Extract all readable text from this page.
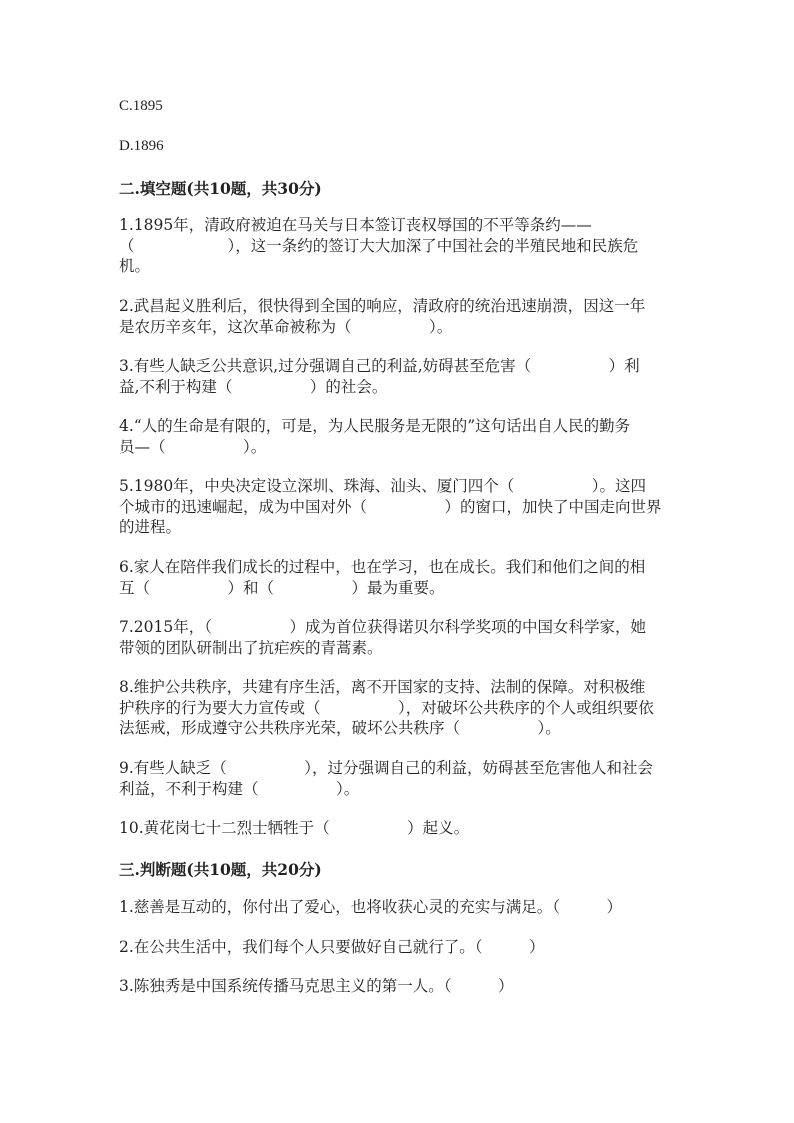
C.1895
D.1896
二.填空题(共10题，共30分)
1.1895年，清政府被迫在马关与日本签订丧权辱国的不平等条约——
（　　　　　　），这一条约的签订大大加深了中国社会的半殖民地和民族危
机。
2.武昌起义胜利后，很快得到全国的响应，清政府的统治迅速崩溃，因这一年
是农历辛亥年，这次革命被称为（　　　　　）。
3.有些人缺乏公共意识,过分强调自己的利益,妨碍甚至危害（　　　　　）利
益,不利于构建（　　　　　）的社会。
4.“人的生命是有限的，可是，为人民服务是无限的”这句话出自人民的勤务
员—（　　　　　）。
5.1980年，中央决定设立深圳、珠海、汕头、厦门四个（　　　　　）。这四
个城市的迅速崛起，成为中国对外（　　　　　）的窗口，加快了中国走向世界
的进程。
6.家人在陪伴我们成长的过程中，也在学习，也在成长。我们和他们之间的相
互（　　　　　）和（　　　　　）最为重要。
7.2015年，（　　　　　）成为首位获得诺贝尔科学奖项的中国女科学家，她
带领的团队研制出了抗疟疾的青蒿素。
8.维护公共秩序，共建有序生活，离不开国家的支持、法制的保障。对积极维
护秩序的行为要大力宣传或（　　　　　），对破坏公共秩序的个人或组织要依
法惩戒，形成遵守公共秩序光荣，破坏公共秩序（　　　　　）。
9.有些人缺乏（　　　　　），过分强调自己的利益，妨碍甚至危害他人和社会
利益，不利于构建（　　　　　）。
10.黄花岗七十二烈士牺牲于（　　　　　）起义。
三.判断题(共10题，共20分)
1.慈善是互动的，你付出了爱心，也将收获心灵的充实与满足。（　　　）
2.在公共生活中，我们每个人只要做好自己就行了。（　　　）
3.陈独秀是中国系统传播马克思主义的第一人。（　　　）
